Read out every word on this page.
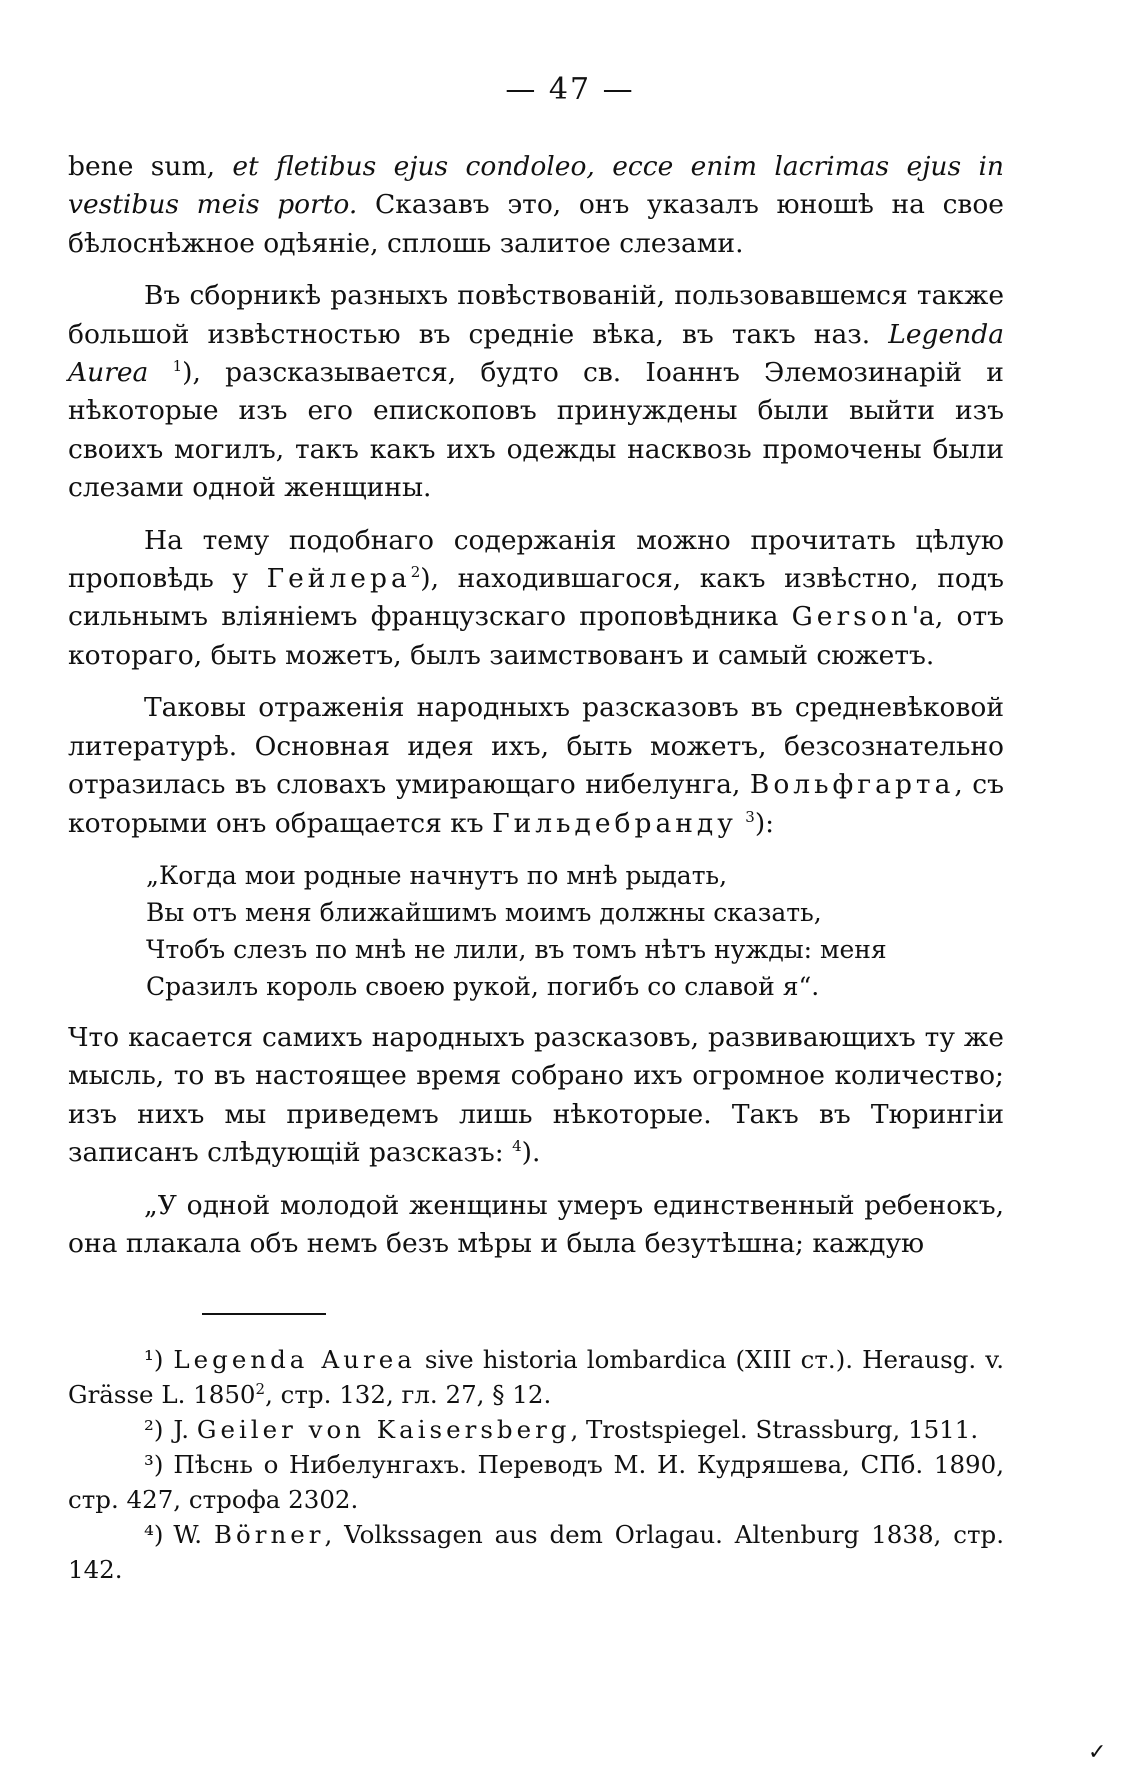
— 47 —

bene sum, et fletibus ejus condoleo, ecce enim lacrimas ejus in vestibus meis porto. Сказавъ это, онъ указалъ юношѣ на свое бѣлоснѣжное одѣяніе, сплошь залитое слезами.

Въ сборникѣ разныхъ повѣствованій, пользовавшемся также большой извѣстностью въ средніе вѣка, въ такъ наз. Legenda Aurea $^1$), разсказывается, будто св. Іоаннъ Элемозинарій и нѣкоторые изъ его епископовъ принуждены были выйти изъ своихъ могилъ, такъ какъ ихъ одежды насквозь промочены были слезами одной женщины.

На тему подобнаго содержанія можно прочитать цѣлую проповѣдь у Гейлера$^2$), находившагося, какъ извѣстно, подъ сильнымъ вліяніемъ французскаго проповѣдника Gerson'а, отъ котораго, быть можетъ, былъ заимствованъ и самый сюжетъ.

Таковы отраженія народныхъ разсказовъ въ средневѣковой литературѣ. Основная идея ихъ, быть можетъ, безсознательно отразилась въ словахъ умирающаго нибелунга, Вольфгарта, съ которыми онъ обращается къ Гильдебранду $^3$):

„Когда мои родные начнутъ по мнѣ рыдать,
Вы отъ меня ближайшимъ моимъ должны сказать,
Чтобъ слезъ по мнѣ не лили, въ томъ нѣтъ нужды: меня
Сразилъ король своею рукой, погибъ со славой я“.

Что касается самихъ народныхъ разсказовъ, развивающихъ ту же мысль, то въ настоящее время собрано ихъ огромное количество; изъ нихъ мы приведемъ лишь нѣкоторые. Такъ въ Тюрингіи записанъ слѣдующій разсказъ: $^4$).

„У одной молодой женщины умеръ единственный ребенокъ, она плакала объ немъ безъ мѣры и была безутѣшна; каждую

¹) Legenda Aurea sive historia lombardica (XIII ст.). Herausg. v. Grässe L. 1850$^2$, стр. 132, гл. 27, § 12.

²) J. Geiler von Kaisersberg, Trostspiegel. Strassburg, 1511.

³) Пѣснь о Нибелунгахъ. Переводъ М. И. Кудряшева, СПб. 1890, стр. 427, строфа 2302.

⁴) W. Börner, Volkssagen aus dem Orlagau. Altenburg 1838, стр. 142.

✓
